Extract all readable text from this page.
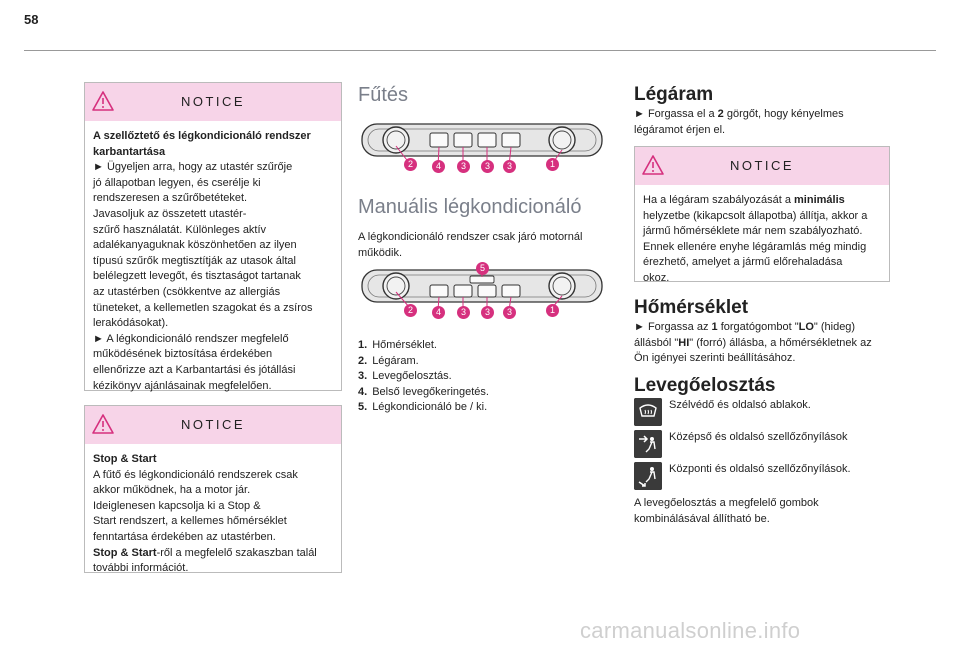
58
NOTICE
A szellőztető és légkondicionáló rendszer karbantartása
► Ügyeljen arra, hogy az utastér szűrője
jó állapotban legyen, és cserélje ki
rendszeresen a szűrőbetéteket.
Javasoljuk az összetett utastér-
szűrő használatát. Különleges aktív
adalékanyaguknak köszönhetően az ilyen
típusú szűrők megtisztítják az utasok által
belélegzett levegőt, és tisztaságot tartanak
az utastérben (csökkentve az allergiás
tüneteket, a kellemetlen szagokat és a zsíros
lerakódásokat).
► A légkondicionáló rendszer megfelelő
működésének biztosítása érdekében
ellenőrizze azt a Karbantartási és jótállási
kézikönyv ajánlásainak megfelelően.
NOTICE
Stop & Start
A fűtő és légkondicionáló rendszerek csak
akkor működnek, ha a motor jár.
Ideiglenesen kapcsolja ki a Stop &
Start rendszert, a kellemes hőmérséklet
fenntartása érdekében az utastérben.
Stop & Start-ről a megfelelő szakaszban talál
további információt.
Fűtés
2	4	3	3	3	1
Manuális légkondicionáló
A légkondicionáló rendszer csak járó motornál
működik.
5
2	4	3	3	3	1
1. Hőmérséklet.
2. Légáram.
3. Levegőelosztás.
4. Belső levegőkeringetés.
5. Légkondicionáló be / ki.
Légáram
► Forgassa el a 2 görgőt, hogy kényelmes
légáramot érjen el.
NOTICE
Ha a légáram szabályozását a minimális
helyzetbe (kikapcsolt állapotba) állítja, akkor a
jármű hőmérséklete már nem szabályozható.
Ennek ellenére enyhe légáramlás még mindig
érezhető, amelyet a jármű előrehaladása
okoz.
Hőmérséklet
► Forgassa az 1 forgatógombot "LO" (hideg)
állásból "HI" (forró) állásba, a hőmérsékletnek az
Ön igényei szerinti beállításához.
Levegőelosztás
Szélvédő és oldalsó ablakok.
Középső és oldalsó szellőzőnyílások
Központi és oldalsó szellőzőnyílások.
A levegőelosztás a megfelelő gombok
kombinálásával állítható be.
carmanualsonline.info
